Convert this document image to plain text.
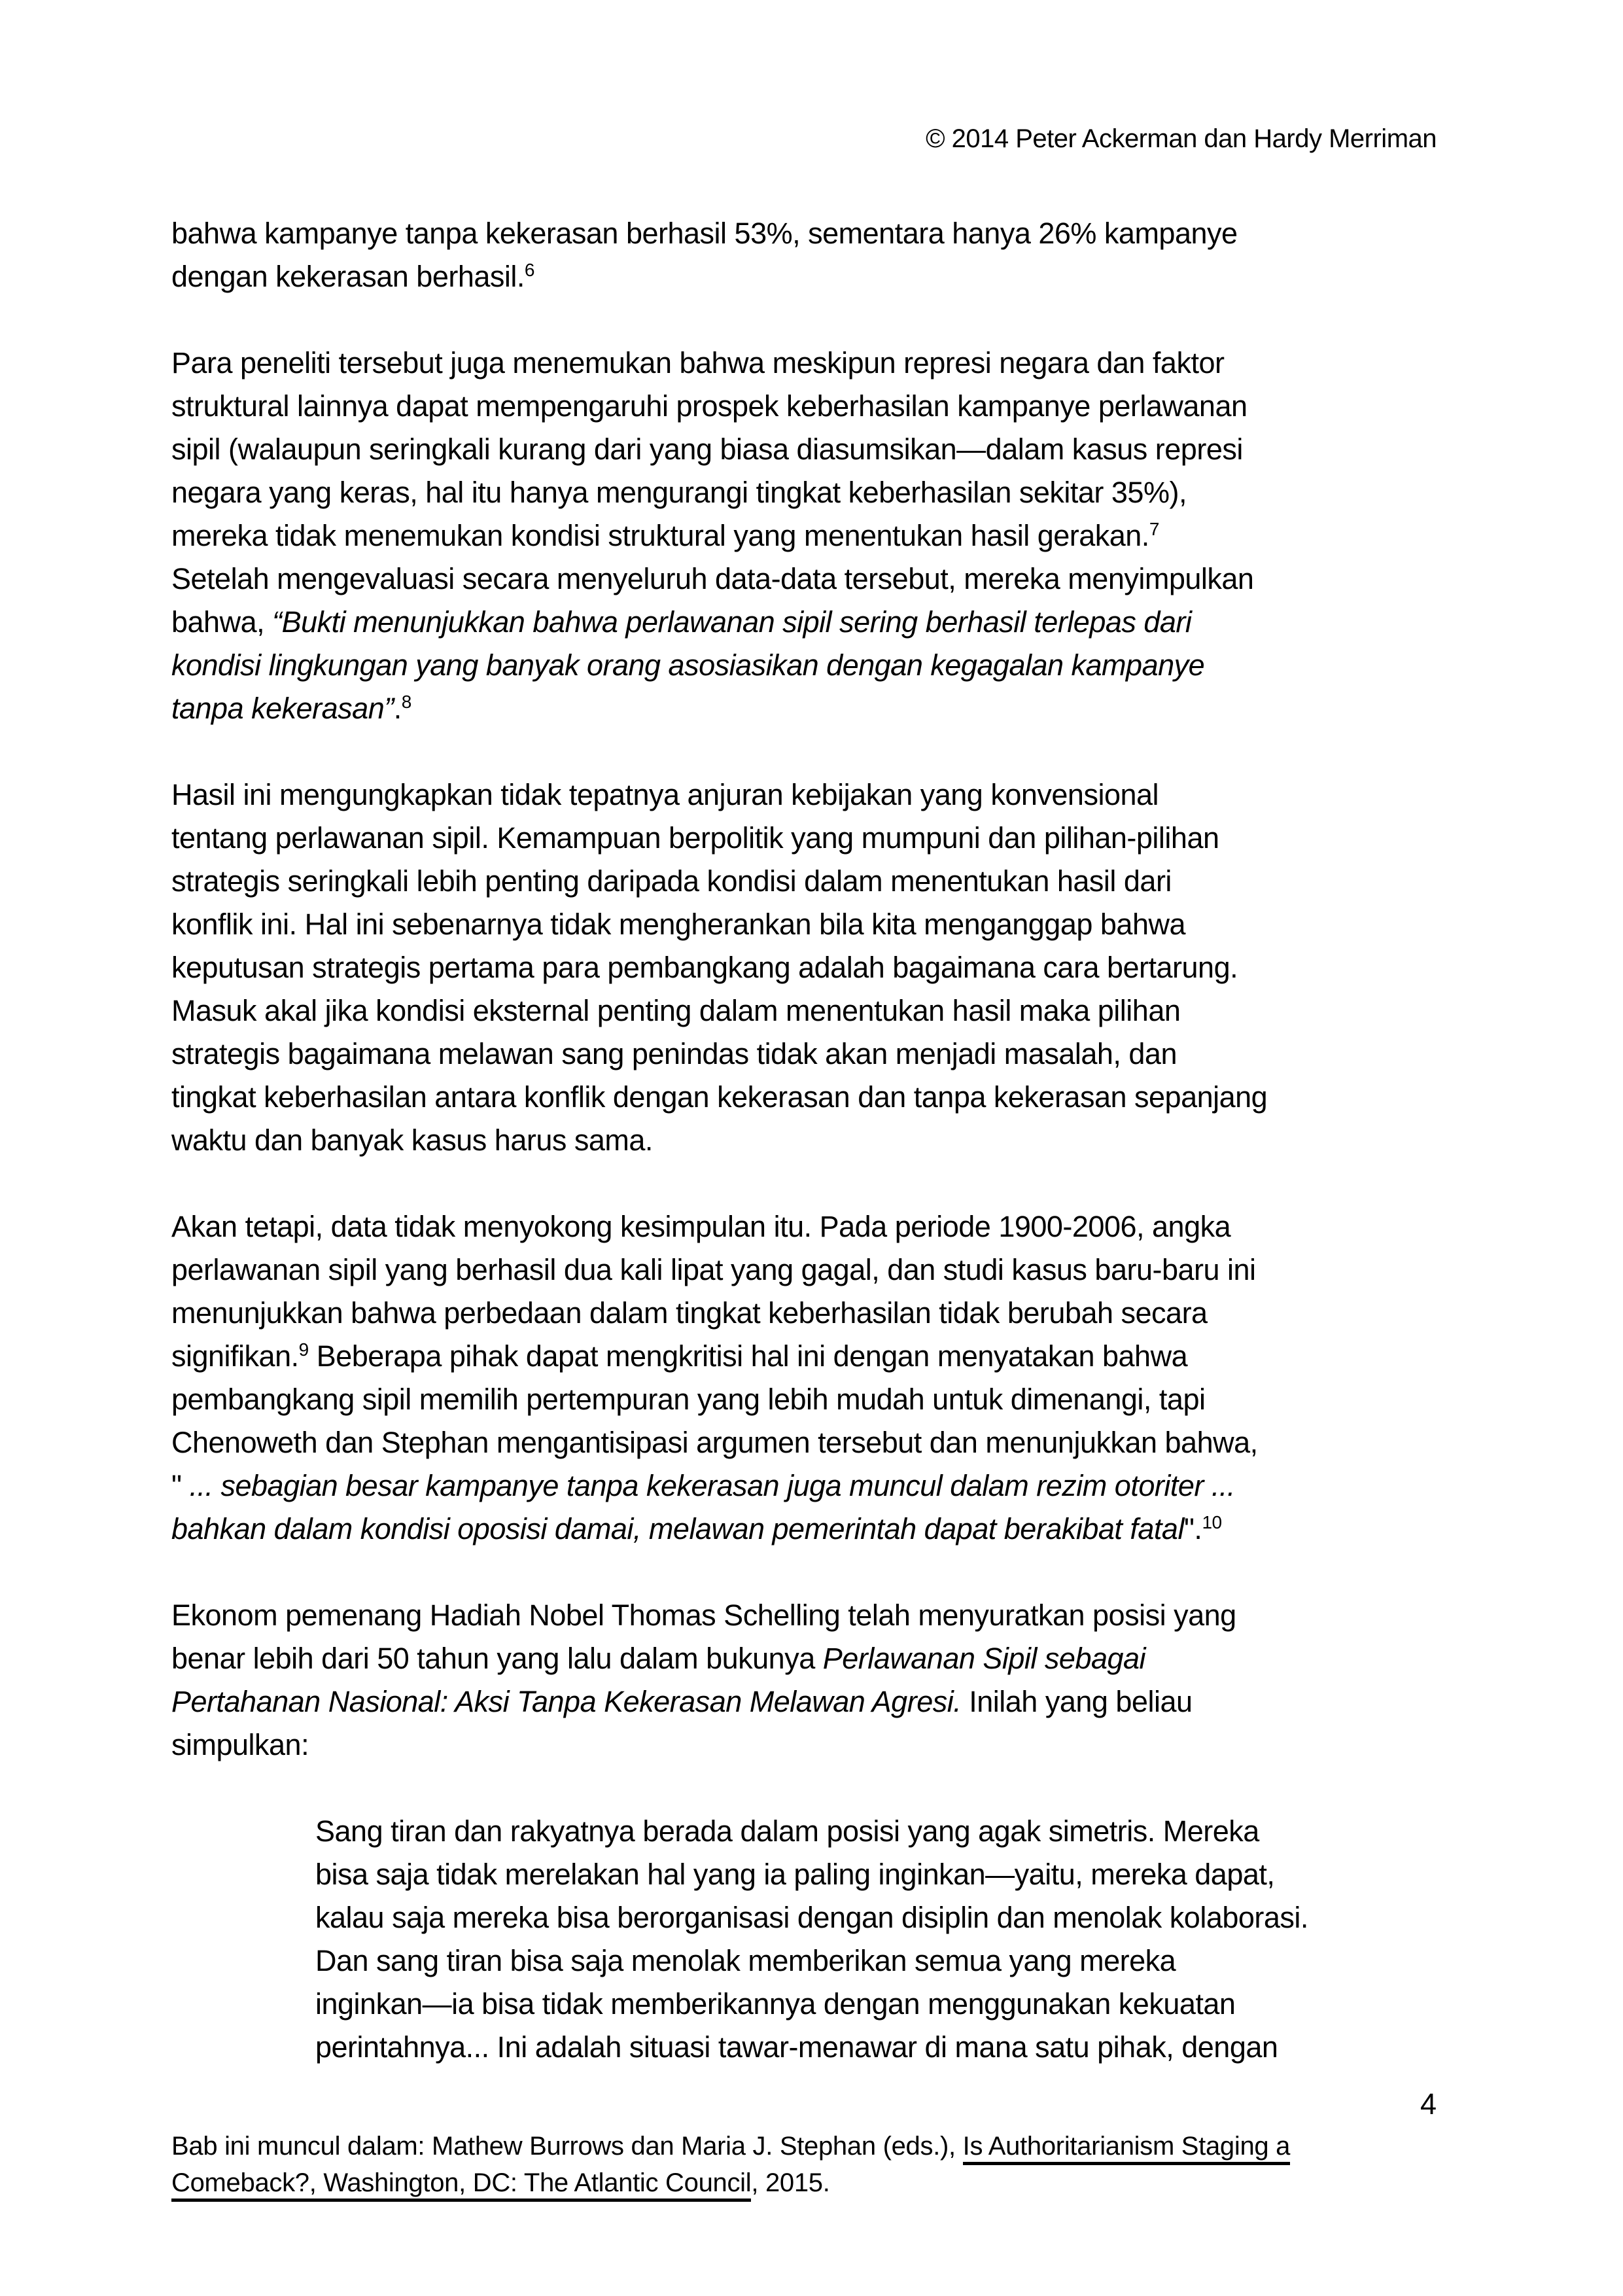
© 2014 Peter Ackerman dan Hardy Merriman
bahwa kampanye tanpa kekerasan berhasil 53%, sementara hanya 26% kampanye
dengan kekerasan berhasil.$^6$
Para peneliti tersebut juga menemukan bahwa meskipun represi negara dan faktor
struktural lainnya dapat mempengaruhi prospek keberhasilan kampanye perlawanan
sipil (walaupun seringkali kurang dari yang biasa diasumsikan—dalam kasus represi
negara yang keras, hal itu hanya mengurangi tingkat keberhasilan sekitar 35%),
mereka tidak menemukan kondisi struktural yang menentukan hasil gerakan.$^7$
Setelah mengevaluasi secara menyeluruh data-data tersebut, mereka menyimpulkan
bahwa, “Bukti menunjukkan bahwa perlawanan sipil sering berhasil terlepas dari
kondisi lingkungan yang banyak orang asosiasikan dengan kegagalan kampanye
tanpa kekerasan”.$^8$
Hasil ini mengungkapkan tidak tepatnya anjuran kebijakan yang konvensional
tentang perlawanan sipil. Kemampuan berpolitik yang mumpuni dan pilihan-pilihan
strategis seringkali lebih penting daripada kondisi dalam menentukan hasil dari
konflik ini. Hal ini sebenarnya tidak mengherankan bila kita menganggap bahwa
keputusan strategis pertama para pembangkang adalah bagaimana cara bertarung.
Masuk akal jika kondisi eksternal penting dalam menentukan hasil maka pilihan
strategis bagaimana melawan sang penindas tidak akan menjadi masalah, dan
tingkat keberhasilan antara konflik dengan kekerasan dan tanpa kekerasan sepanjang
waktu dan banyak kasus harus sama.
Akan tetapi, data tidak menyokong kesimpulan itu. Pada periode 1900-2006, angka
perlawanan sipil yang berhasil dua kali lipat yang gagal, dan studi kasus baru-baru ini
menunjukkan bahwa perbedaan dalam tingkat keberhasilan tidak berubah secara
signifikan.$^9$ Beberapa pihak dapat mengkritisi hal ini dengan menyatakan bahwa
pembangkang sipil memilih pertempuran yang lebih mudah untuk dimenangi, tapi
Chenoweth dan Stephan mengantisipasi argumen tersebut dan menunjukkan bahwa,
" ... sebagian besar kampanye tanpa kekerasan juga muncul dalam rezim otoriter ...
bahkan dalam kondisi oposisi damai, melawan pemerintah dapat berakibat fatal".$^{10}$
Ekonom pemenang Hadiah Nobel Thomas Schelling telah menyuratkan posisi yang
benar lebih dari 50 tahun yang lalu dalam bukunya Perlawanan Sipil sebagai
Pertahanan Nasional: Aksi Tanpa Kekerasan Melawan Agresi. Inilah yang beliau
simpulkan:
Sang tiran dan rakyatnya berada dalam posisi yang agak simetris. Mereka
bisa saja tidak merelakan hal yang ia paling inginkan—yaitu, mereka dapat,
kalau saja mereka bisa berorganisasi dengan disiplin dan menolak kolaborasi.
Dan sang tiran bisa saja menolak memberikan semua yang mereka
inginkan—ia bisa tidak memberikannya dengan menggunakan kekuatan
perintahnya... Ini adalah situasi tawar-menawar di mana satu pihak, dengan
4
Bab ini muncul dalam: Mathew Burrows dan Maria J. Stephan (eds.), Is Authoritarianism Staging a
Comeback?, Washington, DC: The Atlantic Council, 2015.
